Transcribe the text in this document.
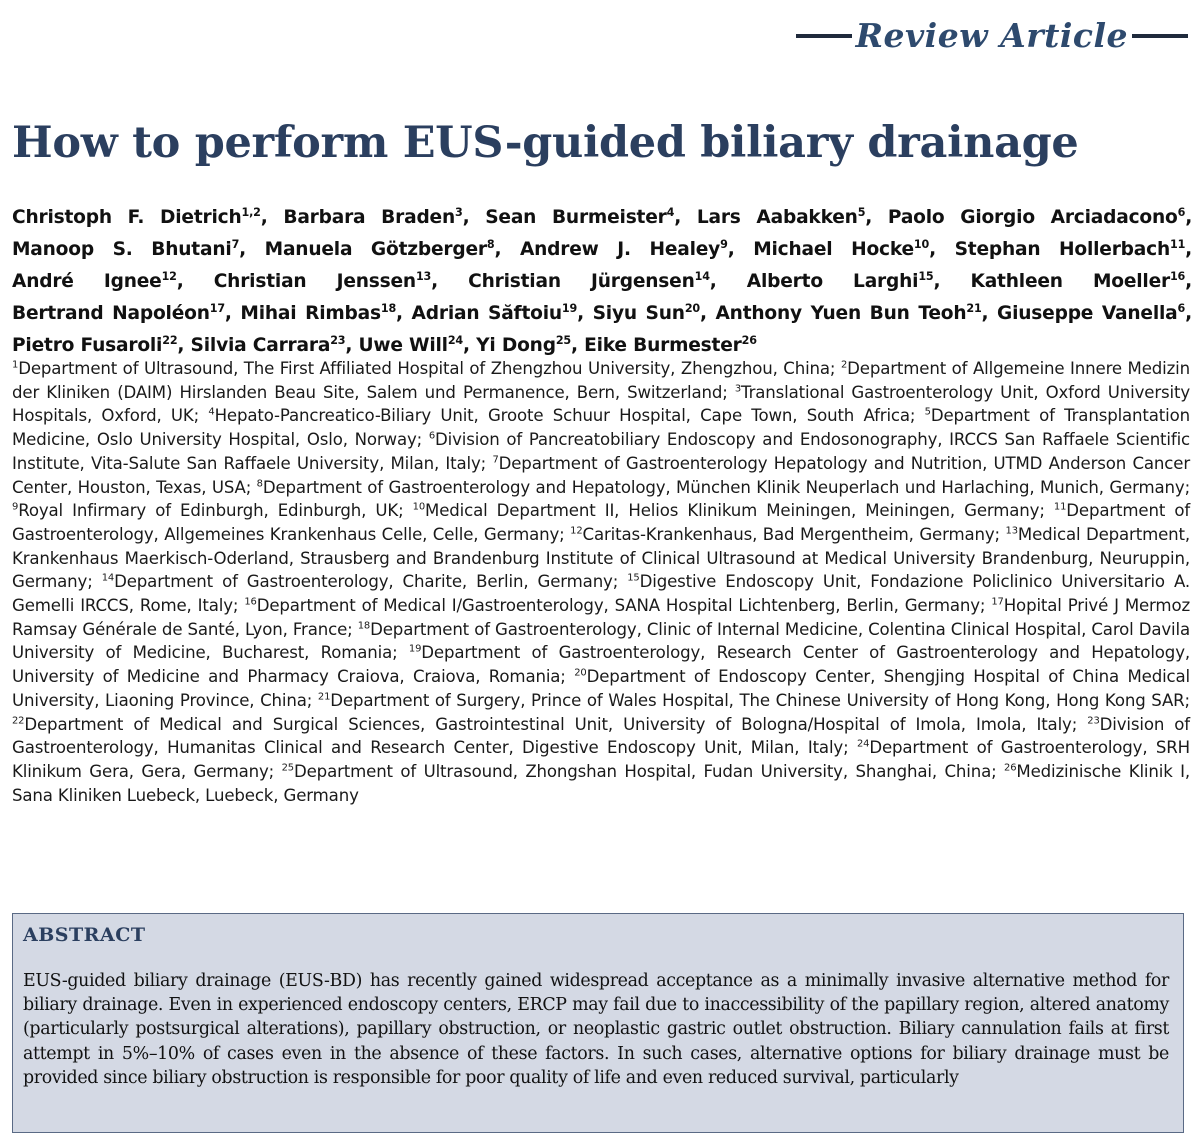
Review Article
How to perform EUS-guided biliary drainage
Christoph F. Dietrich$^{1,2}$, Barbara Braden$^3$, Sean Burmeister$^4$, Lars Aabakken$^5$, Paolo Giorgio Arciadacono$^6$, Manoop S. Bhutani$^7$, Manuela Götzberger$^8$, Andrew J. Healey$^9$, Michael Hocke$^{10}$, Stephan Hollerbach$^{11}$, André Ignee$^{12}$, Christian Jenssen$^{13}$, Christian Jürgensen$^{14}$, Alberto Larghi$^{15}$, Kathleen Moeller$^{16}$, Bertrand Napoléon$^{17}$, Mihai Rimbas$^{18}$, Adrian Săftoiu$^{19}$, Siyu Sun$^{20}$, Anthony Yuen Bun Teoh$^{21}$, Giuseppe Vanella$^6$, Pietro Fusaroli$^{22}$, Silvia Carrara$^{23}$, Uwe Will$^{24}$, Yi Dong$^{25}$, Eike Burmester$^{26}$
$^1$Department of Ultrasound, The First Affiliated Hospital of Zhengzhou University, Zhengzhou, China; $^2$Department of Allgemeine Innere Medizin der Kliniken (DAIM) Hirslanden Beau Site, Salem und Permanence, Bern, Switzerland; $^3$Translational Gastroenterology Unit, Oxford University Hospitals, Oxford, UK; $^4$Hepato-Pancreatico-Biliary Unit, Groote Schuur Hospital, Cape Town, South Africa; $^5$Department of Transplantation Medicine, Oslo University Hospital, Oslo, Norway; $^6$Division of Pancreatobiliary Endoscopy and Endosonography, IRCCS San Raffaele Scientific Institute, Vita-Salute San Raffaele University, Milan, Italy; $^7$Department of Gastroenterology Hepatology and Nutrition, UTMD Anderson Cancer Center, Houston, Texas, USA; $^8$Department of Gastroenterology and Hepatology, München Klinik Neuperlach und Harlaching, Munich, Germany; $^9$Royal Infirmary of Edinburgh, Edinburgh, UK; $^{10}$Medical Department II, Helios Klinikum Meiningen, Meiningen, Germany; $^{11}$Department of Gastroenterology, Allgemeines Krankenhaus Celle, Celle, Germany; $^{12}$Caritas-Krankenhaus, Bad Mergentheim, Germany; $^{13}$Medical Department, Krankenhaus Maerkisch-Oderland, Strausberg and Brandenburg Institute of Clinical Ultrasound at Medical University Brandenburg, Neuruppin, Germany; $^{14}$Department of Gastroenterology, Charite, Berlin, Germany; $^{15}$Digestive Endoscopy Unit, Fondazione Policlinico Universitario A. Gemelli IRCCS, Rome, Italy; $^{16}$Department of Medical I/Gastroenterology, SANA Hospital Lichtenberg, Berlin, Germany; $^{17}$Hopital Privé J Mermoz Ramsay Générale de Santé, Lyon, France; $^{18}$Department of Gastroenterology, Clinic of Internal Medicine, Colentina Clinical Hospital, Carol Davila University of Medicine, Bucharest, Romania; $^{19}$Department of Gastroenterology, Research Center of Gastroenterology and Hepatology, University of Medicine and Pharmacy Craiova, Craiova, Romania; $^{20}$Department of Endoscopy Center, Shengjing Hospital of China Medical University, Liaoning Province, China; $^{21}$Department of Surgery, Prince of Wales Hospital, The Chinese University of Hong Kong, Hong Kong SAR; $^{22}$Department of Medical and Surgical Sciences, Gastrointestinal Unit, University of Bologna/Hospital of Imola, Imola, Italy; $^{23}$Division of Gastroenterology, Humanitas Clinical and Research Center, Digestive Endoscopy Unit, Milan, Italy; $^{24}$Department of Gastroenterology, SRH Klinikum Gera, Gera, Germany; $^{25}$Department of Ultrasound, Zhongshan Hospital, Fudan University, Shanghai, China; $^{26}$Medizinische Klinik I, Sana Kliniken Luebeck, Luebeck, Germany
ABSTRACT
EUS-guided biliary drainage (EUS-BD) has recently gained widespread acceptance as a minimally invasive alternative method for biliary drainage. Even in experienced endoscopy centers, ERCP may fail due to inaccessibility of the papillary region, altered anatomy (particularly postsurgical alterations), papillary obstruction, or neoplastic gastric outlet obstruction. Biliary cannulation fails at first attempt in 5%–10% of cases even in the absence of these factors. In such cases, alternative options for biliary drainage must be provided since biliary obstruction is responsible for poor quality of life and even reduced survival, particularly
